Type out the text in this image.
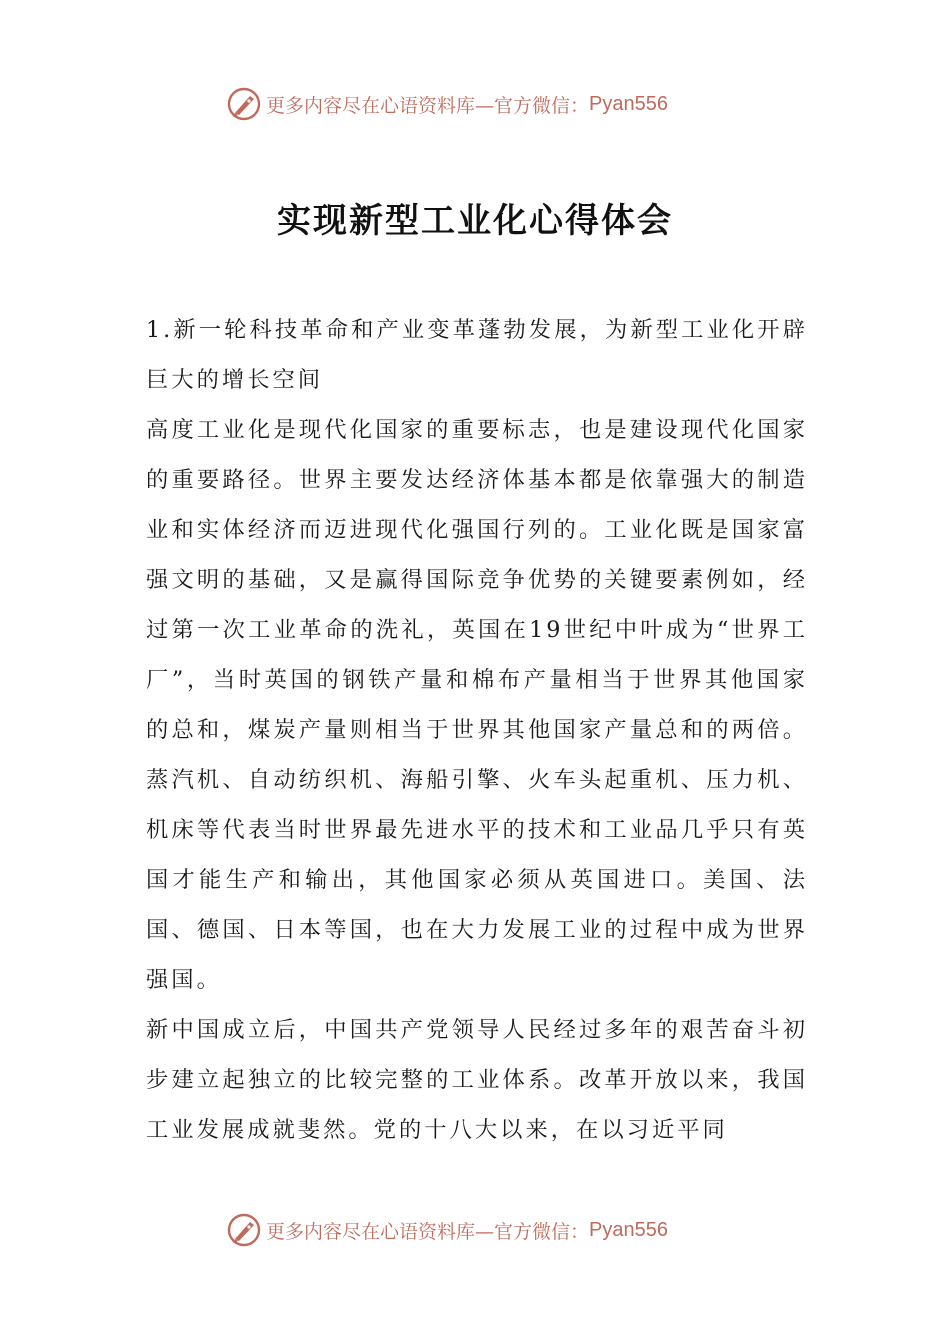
更多内容尽在心语资料库—官方微信： Pyan556
实现新型工业化心得体会

1.新一轮科技革命和产业变革蓬勃发展，为新型工业化开辟巨大的增长空间

高度工业化是现代化国家的重要标志，也是建设现代化国家的重要路径。世界主要发达经济体基本都是依靠强大的制造业和实体经济而迈进现代化强国行列的。工业化既是国家富强文明的基础，又是赢得国际竞争优势的关键要素例如，经过第一次工业革命的洗礼，英国在19世纪中叶成为“世界工厂”，当时英国的钢铁产量和棉布产量相当于世界其他国家的总和，煤炭产量则相当于世界其他国家产量总和的两倍。蒸汽机、自动纺织机、海船引擎、火车头起重机、压力机、机床等代表当时世界最先进水平的技术和工业品几乎只有英国才能生产和输出，其他国家必须从英国进口。美国、法国、德国、日本等国，也在大力发展工业的过程中成为世界强国。

新中国成立后，中国共产党领导人民经过多年的艰苦奋斗初步建立起独立的比较完整的工业体系。改革开放以来，我国工业发展成就斐然。党的十八大以来，在以习近平同

更多内容尽在心语资料库—官方微信： Pyan556
